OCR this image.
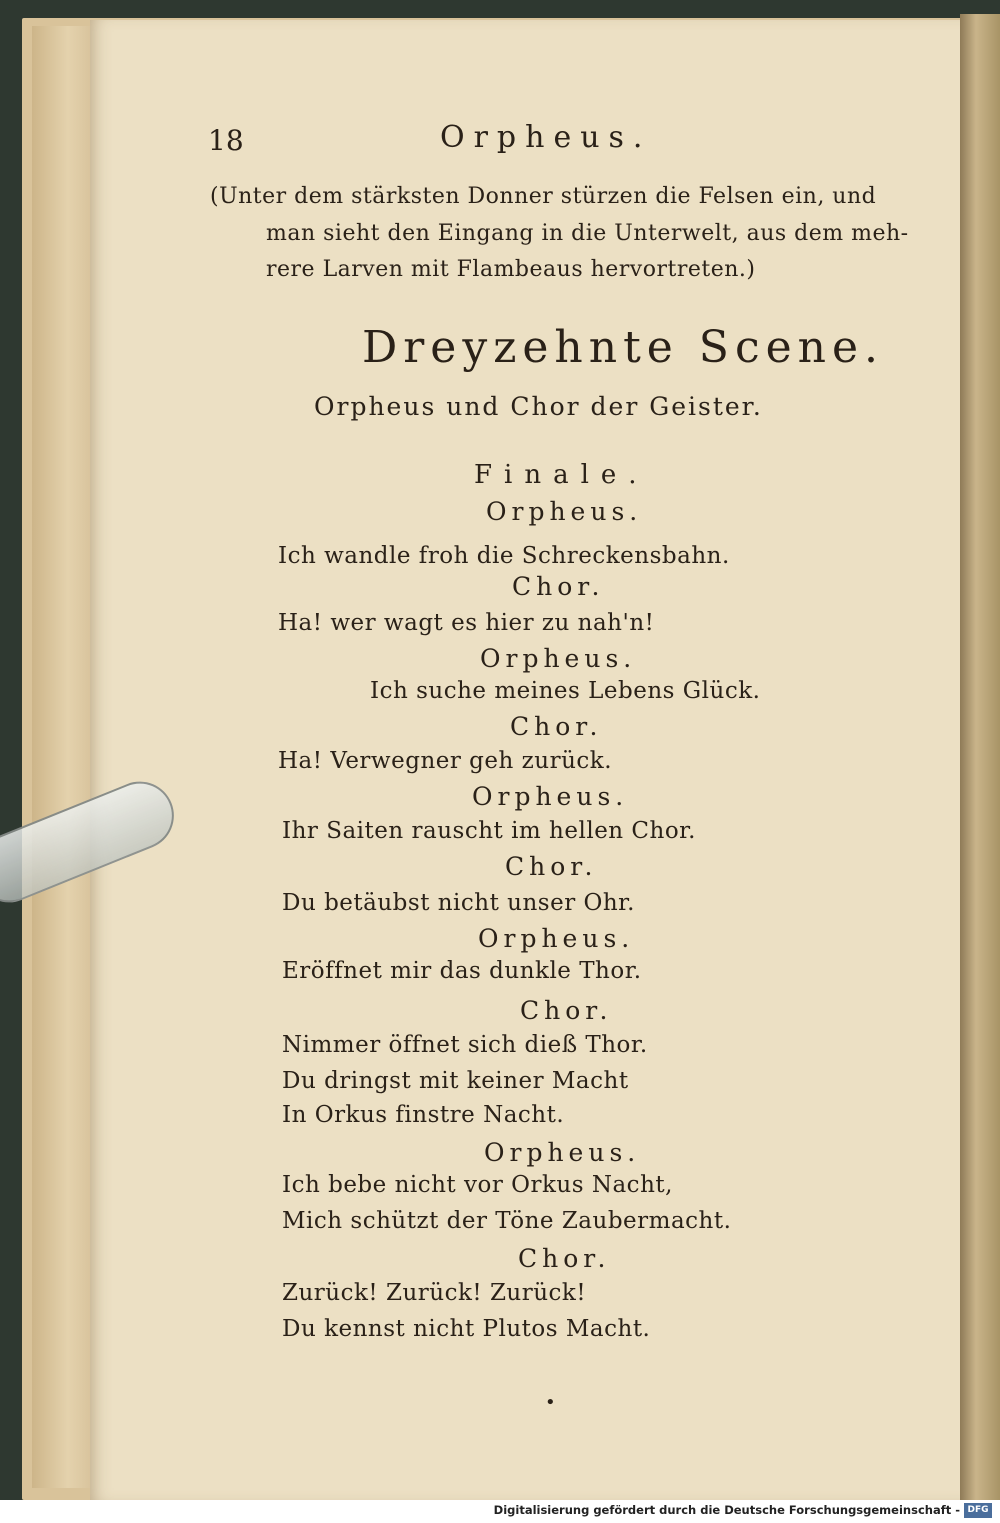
18	Orpheus.
(Unter dem stärksten Donner stürzen die Felsen ein, und
man sieht den Eingang in die Unterwelt, aus dem meh-
rere Larven mit Flambeaus hervortreten.)
Dreyzehnte Scene.
Orpheus und Chor der Geister.
Finale.
Orpheus.
Ich wandle froh die Schreckensbahn.
Chor.
Ha! wer wagt es hier zu nah'n!
Orpheus.
Ich suche meines Lebens Glück.
Chor.
Ha! Verwegner geh zurück.
Orpheus.
Ihr Saiten rauscht im hellen Chor.
Chor.
Du betäubst nicht unser Ohr.
Orpheus.
Eröffnet mir das dunkle Thor.
Chor.
Nimmer öffnet sich dieß Thor.
Du dringst mit keiner Macht
In Orkus finstre Nacht.
Orpheus.
Ich bebe nicht vor Orkus Nacht,
Mich schützt der Töne Zaubermacht.
Chor.
Zurück! Zurück! Zurück!
Du kennst nicht Plutos Macht.
•
Digitalisierung gefördert durch die Deutsche Forschungsgemeinschaft - DFG
